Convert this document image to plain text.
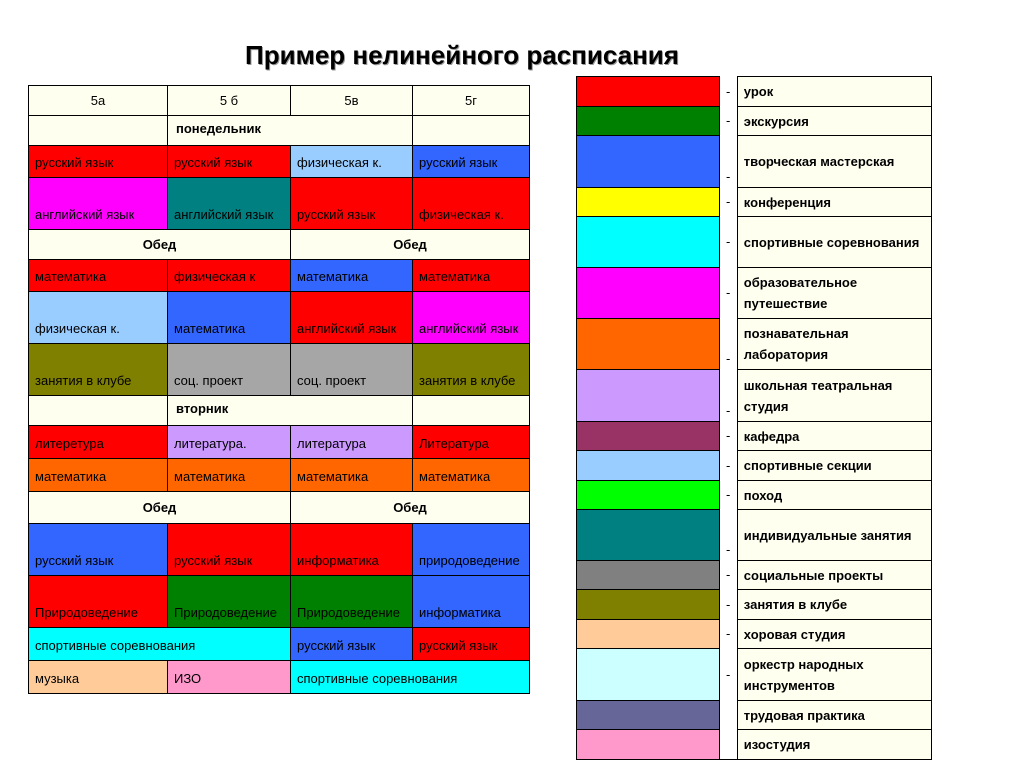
Пример нелинейного расписания
5а	5 б	5в	5г
	понедельник		
русский язык	русский язык	физическая к.	русский язык
английский язык	английский язык	русский язык	физическая к.
Обед		Обед	
математика	физическая к	математика	математика
физическая к.	математика	английский язык	английский язык
занятия в клубе	соц. проект	соц. проект	занятия в клубе
	вторник		
литеретура	литература.	литература	Литература
математика	математика	математика	математика
Обед		Обед	
русский язык	русский язык	информатика	природоведение
Природоведение	Природоведение	Природоведение	информатика
спортивные соревнования		русский язык	русский язык
музыка	ИЗО	спортивные соревнования	
	-	урок
	-	экскурсия
	-	творческая мастерская
	-	конференция
	-	спортивные соревнования
	-	образовательное путешествие
	-	познавательная лаборатория
	-	школьная театральная студия
	-	кафедра
	-	спортивные секции
	-	поход
	-	индивидуальные занятия
	-	социальные проекты
	-	занятия в клубе
	-	хоровая студия
	-	оркестр народных инструментов
		трудовая практика
		изостудия
